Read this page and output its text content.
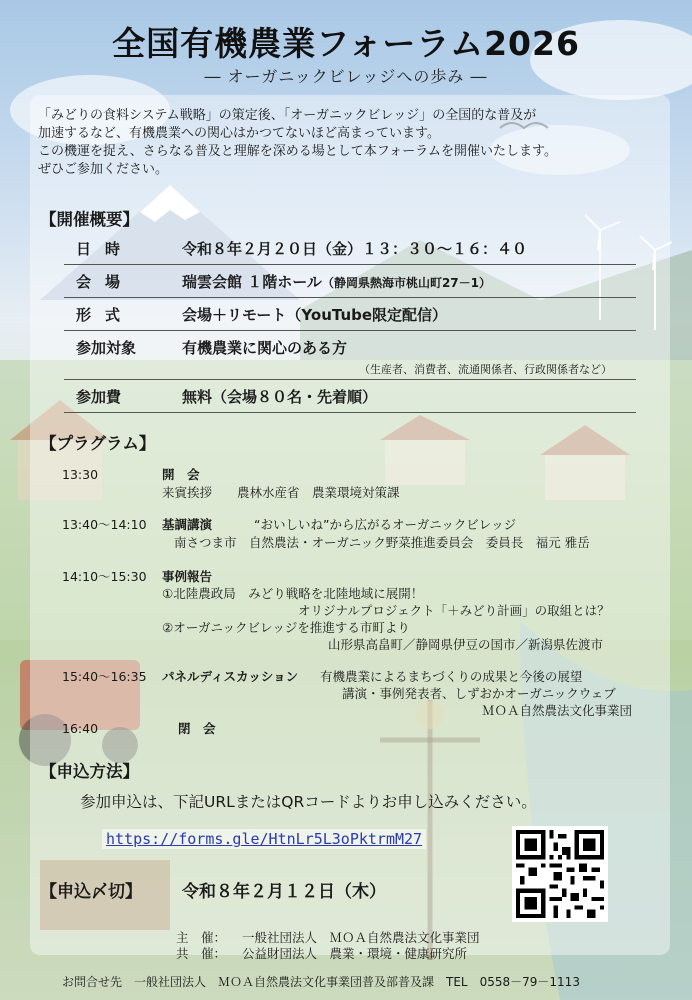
全国有機農業フォーラム2026
― オーガニックビレッジへの歩み ―

「みどりの食料システム戦略」の策定後、「オーガニックビレッジ」の全国的な普及が

加速するなど、有機農業への関心はかつてないほど高まっています。

この機運を捉え、さらなる普及と理解を深める場として本フォーラムを開催いたします。

ぜひご参加ください。

【開催概要】
日時	令和８年２月２０日（金）１３：３０～１６：４０
会場	瑞雲会館 １階ホール（静岡県熱海市桃山町27－1）
形式	会場＋リモート（YouTube限定配信）
参加対象	有機農業に関心のある方
（生産者、消費者、流通関係者、行政関係者など）
参加費	無料（会場８０名・先着順）
【プラグラム】
13:30	開　会
来賓挨拶　　農林水産省　農業環境対策課
13:40～14:10	基調講演	“おいしいね”から広がるオーガニックビレッジ
南さつま市　自然農法・オーガニック野菜推進委員会　委員長　福元 雅岳
14:10～15:30	事例報告
①北陸農政局　みどり戦略を北陸地域に展開！
オリジナルプロジェクト「＋みどり計画」の取組とは？
②オーガニックビレッジを推進する市町より
山形県高畠町／静岡県伊豆の国市／新潟県佐渡市
15:40～16:35	パネルディスカッション 有機農業によるまちづくりの成果と今後の展望
講演・事例発表者、しずおかオーガニックウェブ
ＭＯＡ自然農法文化事業団
16:40	閉　会
【申込方法】
参加申込は、下記URLまたはQRコードよりお申し込みください。
https://forms.gle/HtnLr5L3oPktrmM27
【申込〆切】 令和８年２月１２日（木）
主　催： 一般社団法人　ＭＯＡ自然農法文化事業団
共　催： 公益財団法人　農業・環境・健康研究所
お問合せ先　一般社団法人　ＭＯＡ自然農法文化事業団普及部普及課　TEL　0558－79－1113
